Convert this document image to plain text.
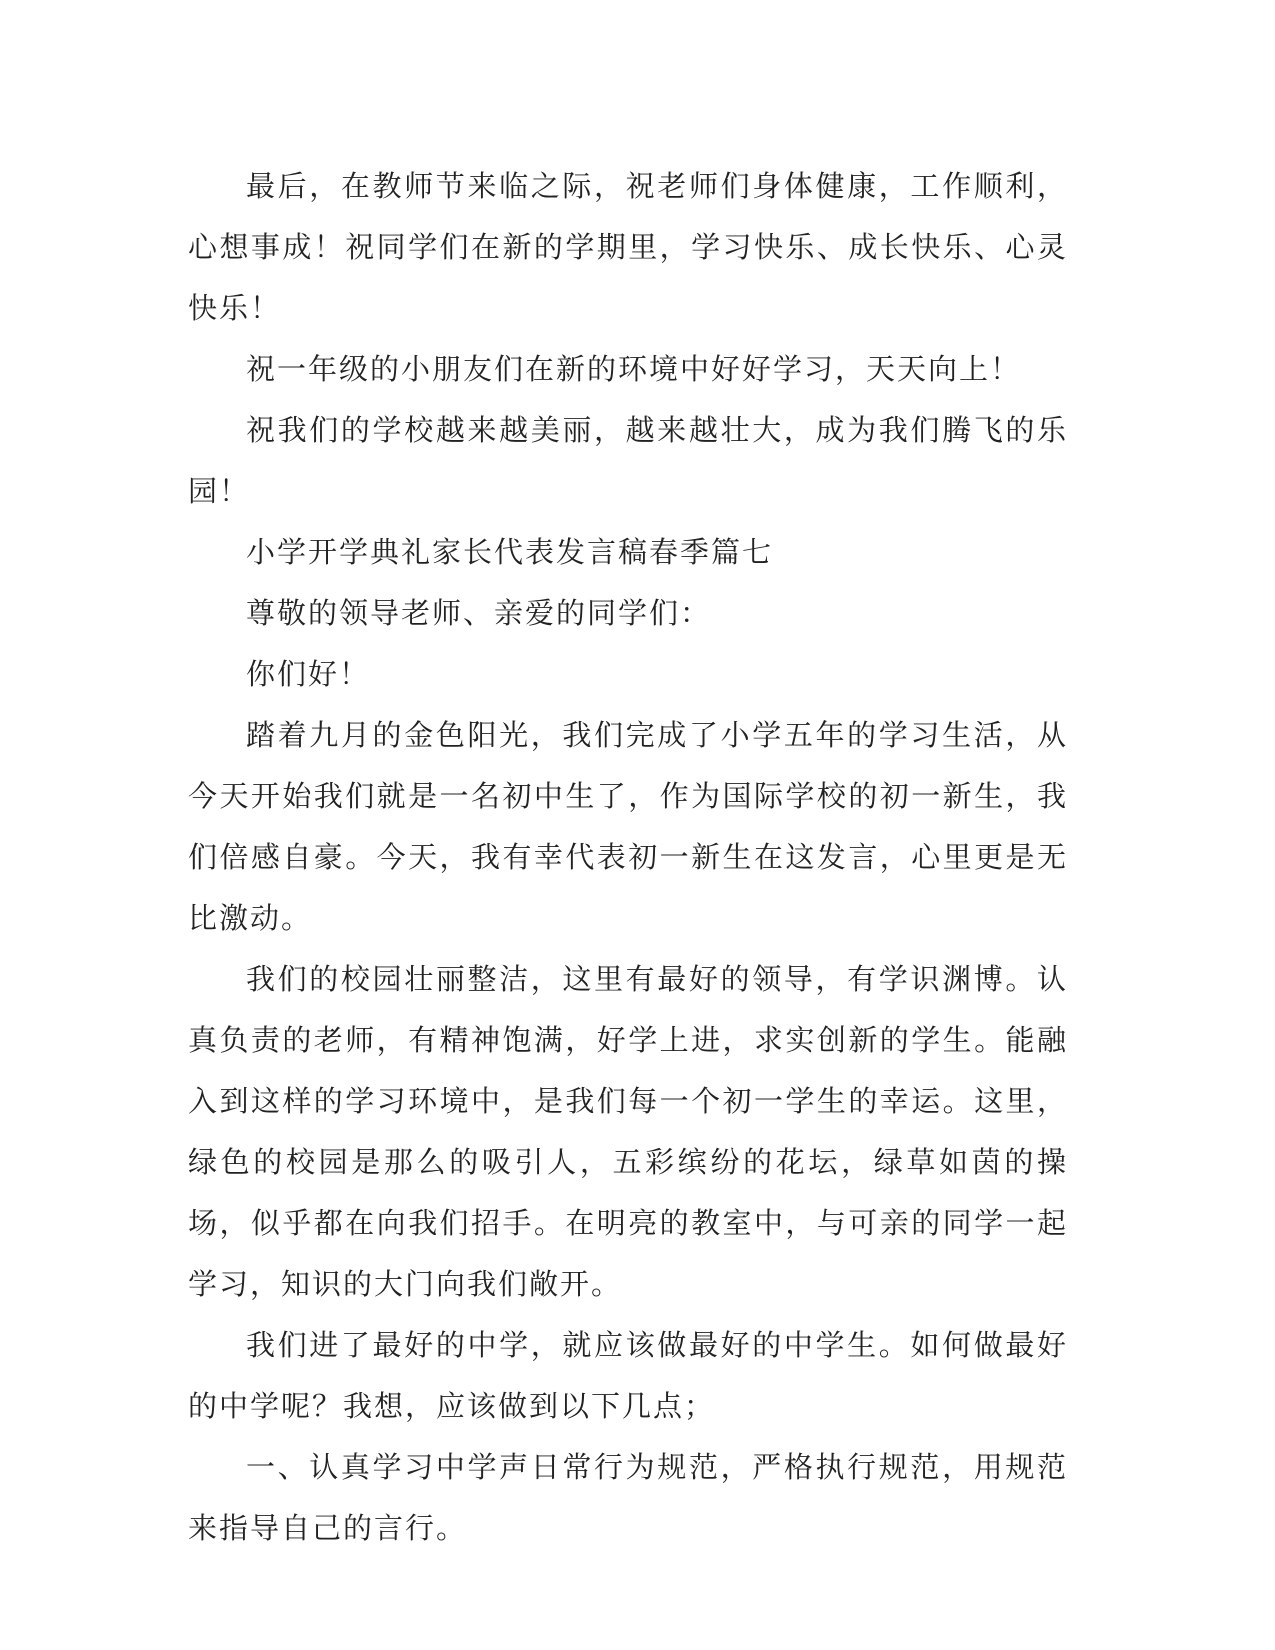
最后，在教师节来临之际，祝老师们身体健康，工作顺利，心想事成！祝同学们在新的学期里，学习快乐、成长快乐、心灵快乐！

祝一年级的小朋友们在新的环境中好好学习，天天向上！

祝我们的学校越来越美丽，越来越壮大，成为我们腾飞的乐园！

小学开学典礼家长代表发言稿春季篇七

尊敬的领导老师、亲爱的同学们：

你们好！

踏着九月的金色阳光，我们完成了小学五年的学习生活，从今天开始我们就是一名初中生了，作为国际学校的初一新生，我们倍感自豪。今天，我有幸代表初一新生在这发言，心里更是无比激动。

我们的校园壮丽整洁，这里有最好的领导，有学识渊博。认真负责的老师，有精神饱满，好学上进，求实创新的学生。能融入到这样的学习环境中，是我们每一个初一学生的幸运。这里，绿色的校园是那么的吸引人，五彩缤纷的花坛，绿草如茵的操场，似乎都在向我们招手。在明亮的教室中，与可亲的同学一起学习，知识的大门向我们敞开。

我们进了最好的中学，就应该做最好的中学生。如何做最好的中学呢？我想，应该做到以下几点；

一、认真学习中学声日常行为规范，严格执行规范，用规范来指导自己的言行。
